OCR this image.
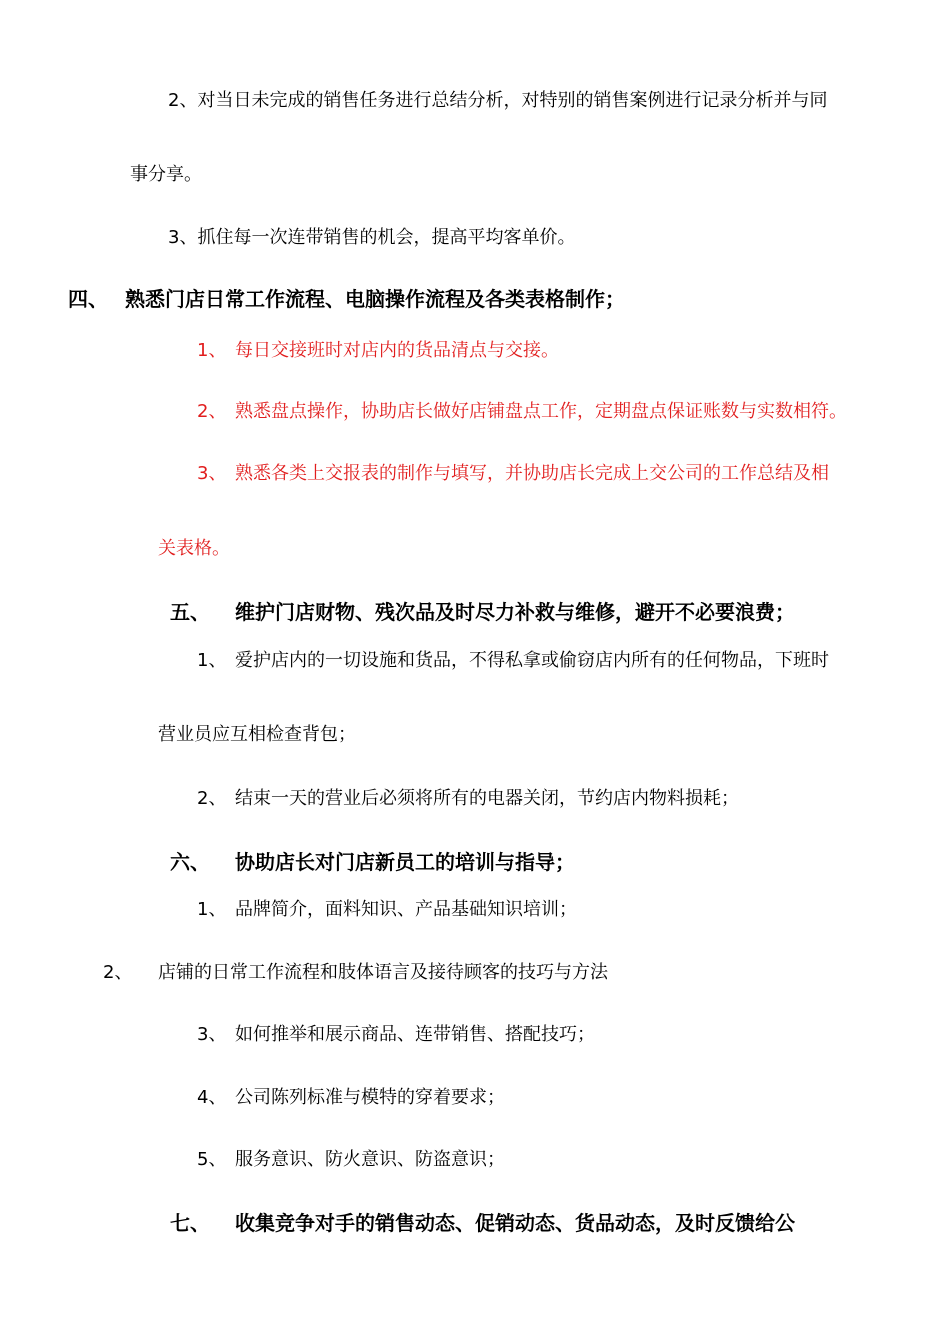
2、对当日未完成的销售任务进行总结分析，对特别的销售案例进行记录分析并与同
事分享。
3、抓住每一次连带销售的机会，提高平均客单价。
四、 熟悉门店日常工作流程、电脑操作流程及各类表格制作；
1、 每日交接班时对店内的货品清点与交接。
2、 熟悉盘点操作，协助店长做好店铺盘点工作，定期盘点保证账数与实数相符。
3、 熟悉各类上交报表的制作与填写，并协助店长完成上交公司的工作总结及相
关表格。
五、 维护门店财物、残次品及时尽力补救与维修，避开不必要浪费；
1、 爱护店内的一切设施和货品，不得私拿或偷窃店内所有的任何物品，下班时
营业员应互相检查背包；
2、 结束一天的营业后必须将所有的电器关闭，节约店内物料损耗；
六、 协助店长对门店新员工的培训与指导；
1、 品牌简介，面料知识、产品基础知识培训；
2、 店铺的日常工作流程和肢体语言及接待顾客的技巧与方法
3、 如何推举和展示商品、连带销售、搭配技巧；
4、 公司陈列标准与模特的穿着要求；
5、 服务意识、防火意识、防盗意识；
七、 收集竞争对手的销售动态、促销动态、货品动态，及时反馈给公
